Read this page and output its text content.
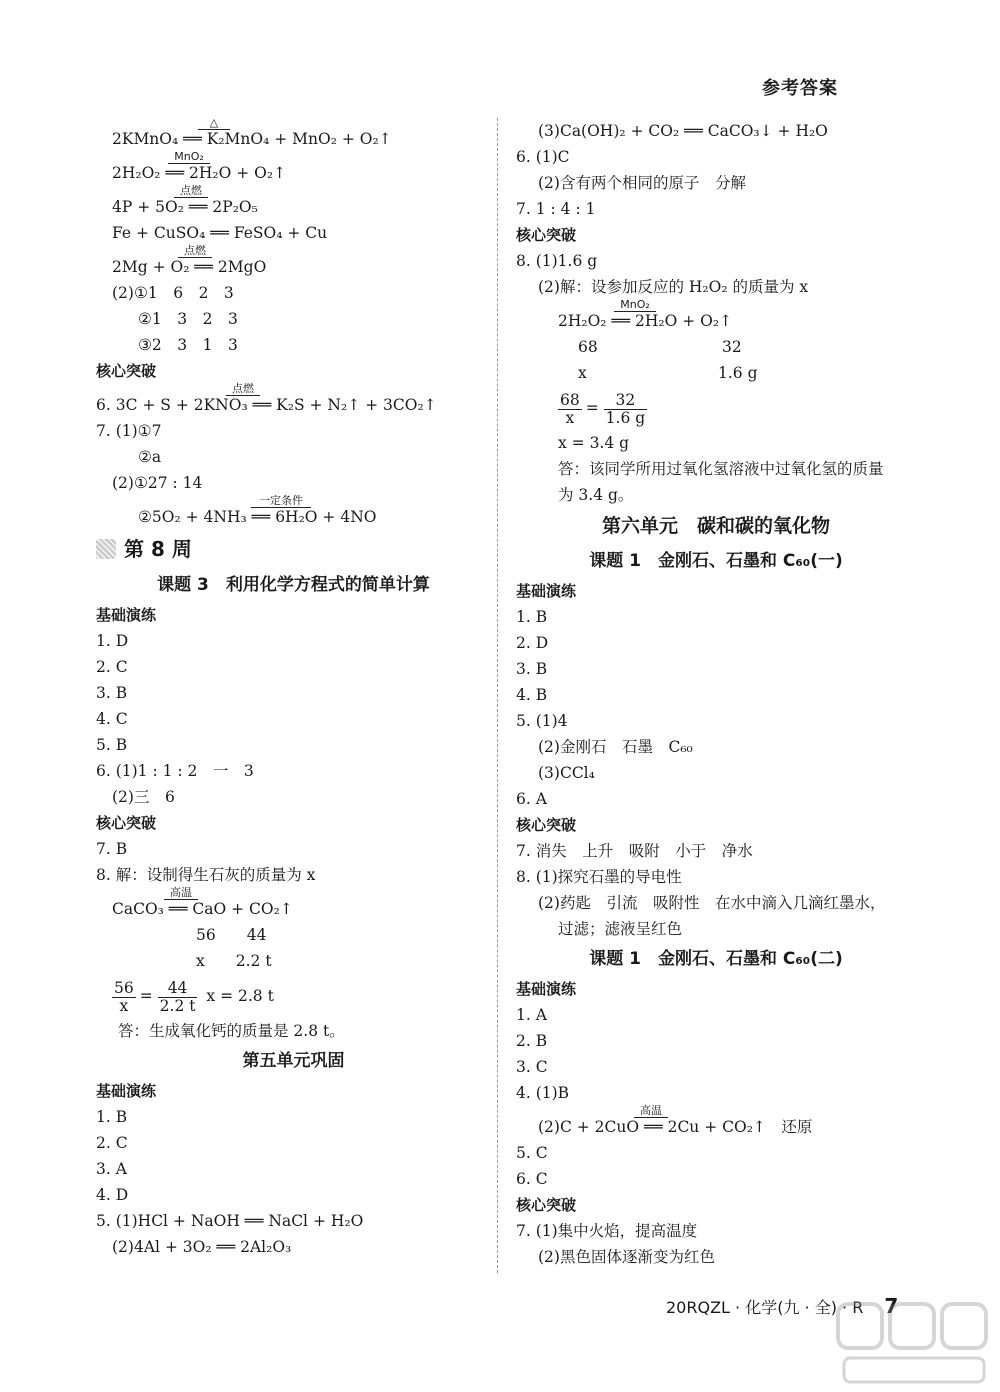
参考答案
△
2KMnO₄ ══ K₂MnO₄ + MnO₂ + O₂↑
MnO₂
2H₂O₂ ══ 2H₂O + O₂↑
点燃
4P + 5O₂ ══ 2P₂O₅
Fe + CuSO₄ ══ FeSO₄ + Cu
点燃
2Mg + O₂ ══ 2MgO
(2)①1　6　2　3
②1　3　2　3
③2　3　1　3
核心突破
点燃
6. 3C + S + 2KNO₃ ══ K₂S + N₂↑ + 3CO₂↑
7. (1)①7
②a
(2)①27 : 14
一定条件
②5O₂ + 4NH₃ ══ 6H₂O + 4NO
第 8 周
课题 3　利用化学方程式的简单计算
基础演练
1. D
2. C
3. B
4. C
5. B
6. (1)1 : 1 : 2　一　3
(2)三　6
核心突破
7. B
8. 解：设制得生石灰的质量为 x
高温
CaCO₃ ══ CaO + CO₂↑
56　　44
x　　2.2 t
$\frac{56}{x} = \frac{44}{2.2 t}$ x = 2.8 t
答：生成氧化钙的质量是 2.8 t。
第五单元巩固
基础演练
1. B
2. C
3. A
4. D
5. (1)HCl + NaOH ══ NaCl + H₂O
(2)4Al + 3O₂ ══ 2Al₂O₃
(3)Ca(OH)₂ + CO₂ ══ CaCO₃↓ + H₂O
6. (1)C
(2)含有两个相同的原子　分解
7. 1 : 4 : 1
核心突破
8. (1)1.6 g
(2)解：设参加反应的 H₂O₂ 的质量为 x
MnO₂
2H₂O₂ ══ 2H₂O + O₂↑
68	32
x	1.6 g
$\frac{68}{x} = \frac{32}{1.6 g}$
x = 3.4 g
答：该同学所用过氧化氢溶液中过氧化氢的质量
为 3.4 g。
第六单元　碳和碳的氧化物
课题 1　金刚石、石墨和 C₆₀(一)
基础演练
1. B
2. D
3. B
4. B
5. (1)4
(2)金刚石　石墨　C₆₀
(3)CCl₄
6. A
核心突破
7. 消失　上升　吸附　小于　净水
8. (1)探究石墨的导电性
(2)药匙　引流　吸附性　在水中滴入几滴红墨水，
过滤；滤液呈红色
课题 1　金刚石、石墨和 C₆₀(二)
基础演练
1. A
2. B
3. C
4. (1)B
高温
(2)C + 2CuO ══ 2Cu + CO₂↑　还原
5. C
6. C
核心突破
7. (1)集中火焰，提高温度
(2)黑色固体逐渐变为红色
20RQZL · 化学(九 · 全) · R 7
